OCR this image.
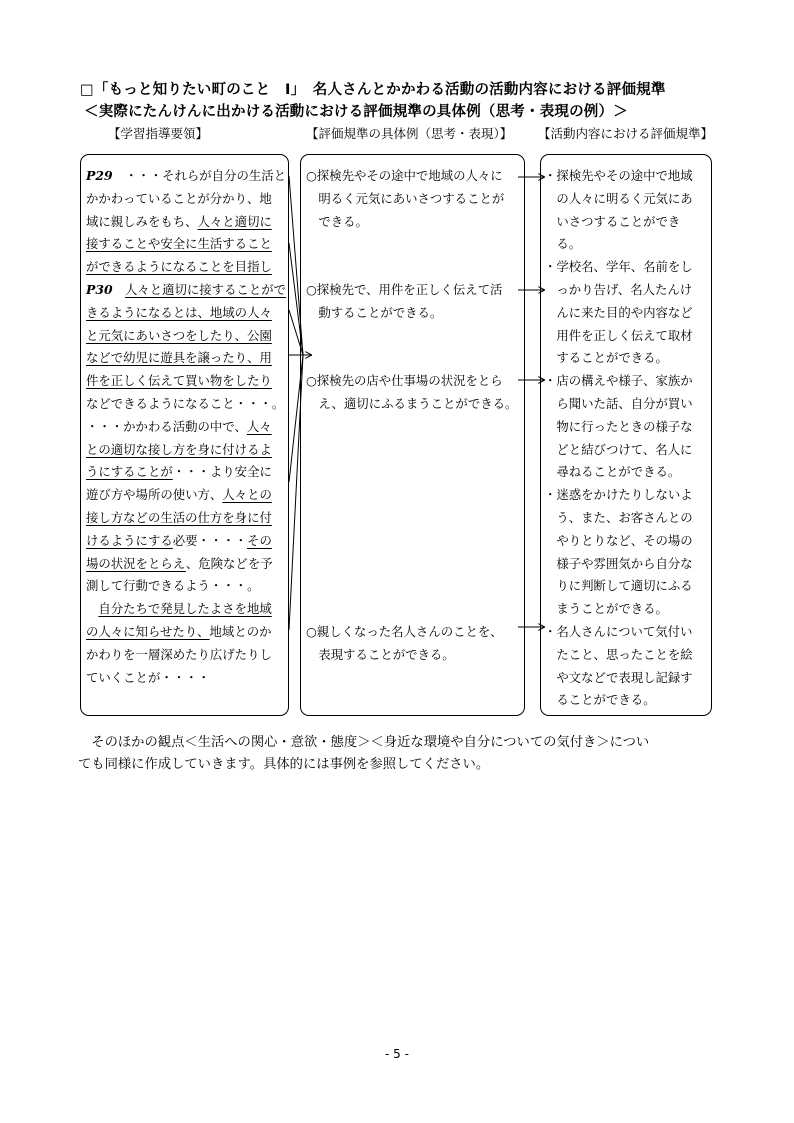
□「もっと知りたい町のこと　Ⅰ」　名人さんとかかわる活動の活動内容における評価規準
＜実際にたんけんに出かける活動における評価規準の具体例（思考・表現の例）＞
【学習指導要領】	【評価規準の具体例（思考・表現）】 【活動内容における評価規準】
P29　・・・それらが自分の生活と
かかわっていることが分かり、地
域に親しみをもち、人々と適切に
接することや安全に生活すること
ができるようになることを目指し
P30　 人々と適切に接することがで
きるようになるとは、地域の人々
と元気にあいさつをしたり、公園
などで幼児に遊具を譲ったり、用
件を正しく伝えて買い物をしたり
などできるようになること・・・。
・・・かかわる活動の中で、人々
との適切な接し方を身に付けるよ
うにすることが・・・より安全に
遊び方や場所の使い方、人々との
接し方などの生活の仕方を身に付
けるようにする必要・・・・その
場の状況をとらえ、危険などを予
測して行動できるよう・・・。
　自分たちで発見したよさを地域
の人々に知らせたり、地域とのか
かわりを一層深めたり広げたりし
ていくことが・・・・
○探検先やその途中で地域の人々に
　明るく元気にあいさつすることが
　できる。
○探検先で、用件を正しく伝えて活
　動することができる。
○探検先の店や仕事場の状況をとら
　え、適切にふるまうことができる。
○親しくなった名人さんのことを、
　表現することができる。
・探検先やその途中で地域
　の人々に明るく元気にあ
　いさつすることができ
　る。
・学校名、学年、名前をし
　っかり告げ、名人たんけ
　んに来た目的や内容など
　用件を正しく伝えて取材
　することができる。
・店の構えや様子、家族か
　ら聞いた話、自分が買い
　物に行ったときの様子な
　どと結びつけて、名人に
　尋ねることができる。
・迷惑をかけたりしないよ
　う、また、お客さんとの
　やりとりなど、その場の
　様子や雰囲気から自分な
　りに判断して適切にふる
　まうことができる。
・名人さんについて気付い
　たこと、思ったことを絵
　や文などで表現し記録す
　ることができる。
　そのほかの観点＜生活への関心・意欲・態度＞＜身近な環境や自分についての気付き＞につい
ても同様に作成していきます。具体的には事例を参照してください。
- 5 -
